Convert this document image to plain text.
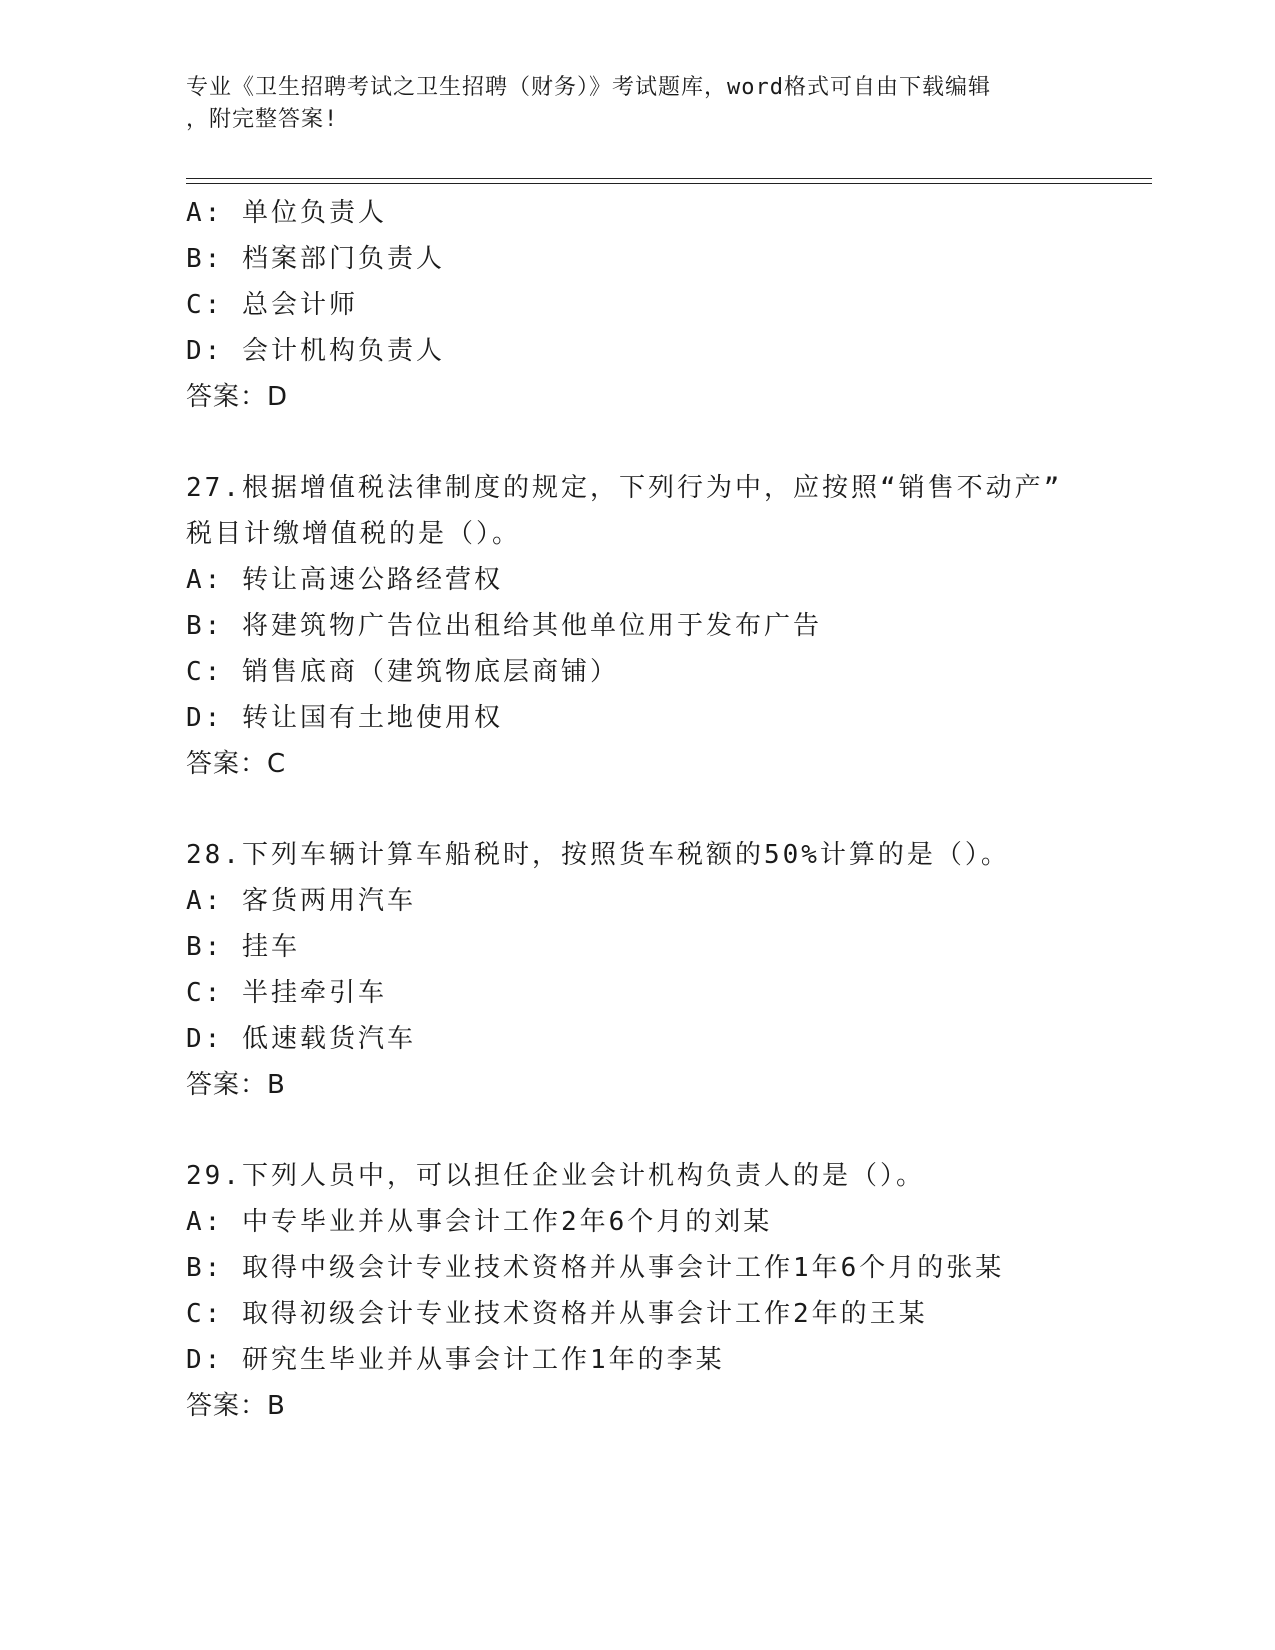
专业《卫生招聘考试之卫生招聘（财务）》考试题库，word格式可自由下载编辑
，附完整答案!
A: 单位负责人
B: 档案部门负责人
C: 总会计师
D: 会计机构负责人
答案：D
27.根据增值税法律制度的规定，下列行为中，应按照“销售不动产”
税目计缴增值税的是（）。
A: 转让高速公路经营权
B: 将建筑物广告位出租给其他单位用于发布广告
C: 销售底商（建筑物底层商铺）
D: 转让国有土地使用权
答案：C
28.下列车辆计算车船税时，按照货车税额的50%计算的是（）。
A: 客货两用汽车
B: 挂车
C: 半挂牵引车
D: 低速载货汽车
答案：B
29.下列人员中，可以担任企业会计机构负责人的是（）。
A: 中专毕业并从事会计工作2年6个月的刘某
B: 取得中级会计专业技术资格并从事会计工作1年6个月的张某
C: 取得初级会计专业技术资格并从事会计工作2年的王某
D: 研究生毕业并从事会计工作1年的李某
答案：B
